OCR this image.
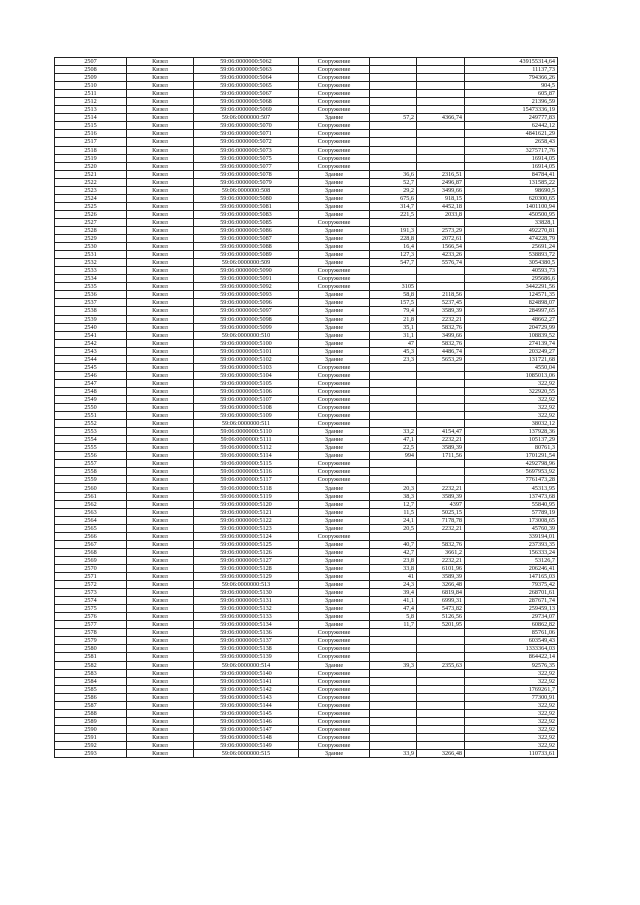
2507	Кизел	59:06:0000000:5062	Сооружение			439155314,64
2508	Кизел	59:06:0000000:5063	Сооружение			11137,73
2509	Кизел	59:06:0000000:5064	Сооружение			794366,26
2510	Кизел	59:06:0000000:5065	Сооружение			904,5
2511	Кизел	59:06:0000000:5067	Сооружение			605,87
2512	Кизел	59:06:0000000:5068	Сооружение			21396,59
2513	Кизел	59:06:0000000:5069	Сооружение			15473336,19
2514	Кизел	59:06:0000000:507	Здание	57,2	4366,74	249777,83
2515	Кизел	59:06:0000000:5070	Сооружение			62442,12
2516	Кизел	59:06:0000000:5071	Сооружение			4841621,29
2517	Кизел	59:06:0000000:5072	Сооружение			2658,43
2518	Кизел	59:06:0000000:5073	Сооружение			3275717,76
2519	Кизел	59:06:0000000:5075	Сооружение			16914,05
2520	Кизел	59:06:0000000:5077	Сооружение			16914,05
2521	Кизел	59:06:0000000:5078	Здание	36,6	2316,51	84784,41
2522	Кизел	59:06:0000000:5079	Здание	52,7	2496,87	131585,22
2523	Кизел	59:06:0000000:508	Здание	29,2	3499,66	98690,5
2524	Кизел	59:06:0000000:5080	Здание	675,6	918,15	620300,65
2525	Кизел	59:06:0000000:5081	Здание	314,7	4452,18	1401100,94
2526	Кизел	59:06:0000000:5083	Здание	221,5	2033,8	450500,95
2527	Кизел	59:06:0000000:5085	Сооружение			33828,1
2528	Кизел	59:06:0000000:5086	Здание	191,3	2573,29	492270,81
2529	Кизел	59:06:0000000:5087	Здание	228,8	2072,61	474228,79
2530	Кизел	59:06:0000000:5088	Здание	16,4	1566,54	25691,24
2531	Кизел	59:06:0000000:5089	Здание	127,3	4233,26	538893,72
2532	Кизел	59:06:0000000:509	Здание	547,7	5576,74	3054380,5
2533	Кизел	59:06:0000000:5090	Сооружение			40593,73
2534	Кизел	59:06:0000000:5091	Сооружение			295686,6
2535	Кизел	59:06:0000000:5092	Сооружение	3105		3442291,56
2536	Кизел	59:06:0000000:5093	Здание	58,8	2118,56	124571,35
2537	Кизел	59:06:0000000:5096	Здание	157,5	5237,45	824898,07
2538	Кизел	59:06:0000000:5097	Здание	79,4	3589,39	284997,65
2539	Кизел	59:06:0000000:5098	Здание	21,8	2232,21	48662,27
2540	Кизел	59:06:0000000:5099	Здание	35,1	5832,76	204729,99
2541	Кизел	59:06:0000000:510	Здание	31,1	3499,66	108839,52
2542	Кизел	59:06:0000000:5100	Здание	47	5832,76	274139,74
2543	Кизел	59:06:0000000:5101	Здание	45,3	4486,74	203249,27
2544	Кизел	59:06:0000000:5102	Здание	23,3	5653,29	131721,68
2545	Кизел	59:06:0000000:5103	Сооружение			4550,04
2546	Кизел	59:06:0000000:5104	Сооружение			1085013,06
2547	Кизел	59:06:0000000:5105	Сооружение			322,92
2548	Кизел	59:06:0000000:5106	Сооружение			322920,55
2549	Кизел	59:06:0000000:5107	Сооружение			322,92
2550	Кизел	59:06:0000000:5108	Сооружение			322,92
2551	Кизел	59:06:0000000:5109	Сооружение			322,92
2552	Кизел	59:06:0000000:511	Сооружение			38032,12
2553	Кизел	59:06:0000000:5110	Здание	33,2	4154,47	137928,36
2554	Кизел	59:06:0000000:5111	Здание	47,1	2232,21	105137,29
2555	Кизел	59:06:0000000:5112	Здание	22,5	3589,39	80761,3
2556	Кизел	59:06:0000000:5114	Здание	994	1711,56	1701291,54
2557	Кизел	59:06:0000000:5115	Сооружение			4292798,96
2558	Кизел	59:06:0000000:5116	Сооружение			5697953,92
2559	Кизел	59:06:0000000:5117	Сооружение			7761473,28
2560	Кизел	59:06:0000000:5118	Здание	20,3	2232,21	45313,95
2561	Кизел	59:06:0000000:5119	Здание	38,3	3589,39	137473,68
2562	Кизел	59:06:0000000:5120	Здание	12,7	4397	55840,95
2563	Кизел	59:06:0000000:5121	Здание	11,5	5025,15	57789,19
2564	Кизел	59:06:0000000:5122	Здание	24,1	7178,78	173008,65
2565	Кизел	59:06:0000000:5123	Здание	20,5	2232,21	45760,39
2566	Кизел	59:06:0000000:5124	Сооружение			339194,01
2567	Кизел	59:06:0000000:5125	Здание	40,7	5832,76	237393,35
2568	Кизел	59:06:0000000:5126	Здание	42,7	3661,2	156333,24
2569	Кизел	59:06:0000000:5127	Здание	23,8	2232,21	53126,7
2570	Кизел	59:06:0000000:5128	Здание	33,8	6101,96	206246,41
2571	Кизел	59:06:0000000:5129	Здание	41	3589,39	147165,03
2572	Кизел	59:06:0000000:513	Здание	24,3	3266,48	79375,42
2573	Кизел	59:06:0000000:5130	Здание	39,4	6819,84	268701,61
2574	Кизел	59:06:0000000:5131	Здание	41,1	6999,31	287671,74
2575	Кизел	59:06:0000000:5132	Здание	47,4	5473,82	259459,13
2576	Кизел	59:06:0000000:5133	Здание	5,8	5126,56	29734,07
2577	Кизел	59:06:0000000:5134	Здание	11,7	5201,95	60862,82
2578	Кизел	59:06:0000000:5136	Сооружение			85761,06
2579	Кизел	59:06:0000000:5137	Сооружение			603549,43
2580	Кизел	59:06:0000000:5138	Сооружение			1333364,03
2581	Кизел	59:06:0000000:5139	Сооружение			864422,14
2582	Кизел	59:06:0000000:514	Здание	39,3	2355,63	92576,35
2583	Кизел	59:06:0000000:5140	Сооружение			322,92
2584	Кизел	59:06:0000000:5141	Сооружение			322,92
2585	Кизел	59:06:0000000:5142	Сооружение			1769261,7
2586	Кизел	59:06:0000000:5143	Сооружение			77300,91
2587	Кизел	59:06:0000000:5144	Сооружение			322,92
2588	Кизел	59:06:0000000:5145	Сооружение			322,92
2589	Кизел	59:06:0000000:5146	Сооружение			322,92
2590	Кизел	59:06:0000000:5147	Сооружение			322,92
2591	Кизел	59:06:0000000:5148	Сооружение			322,92
2592	Кизел	59:06:0000000:5149	Сооружение			322,92
2593	Кизел	59:06:0000000:515	Здание	33,9	3266,48	110733,61
